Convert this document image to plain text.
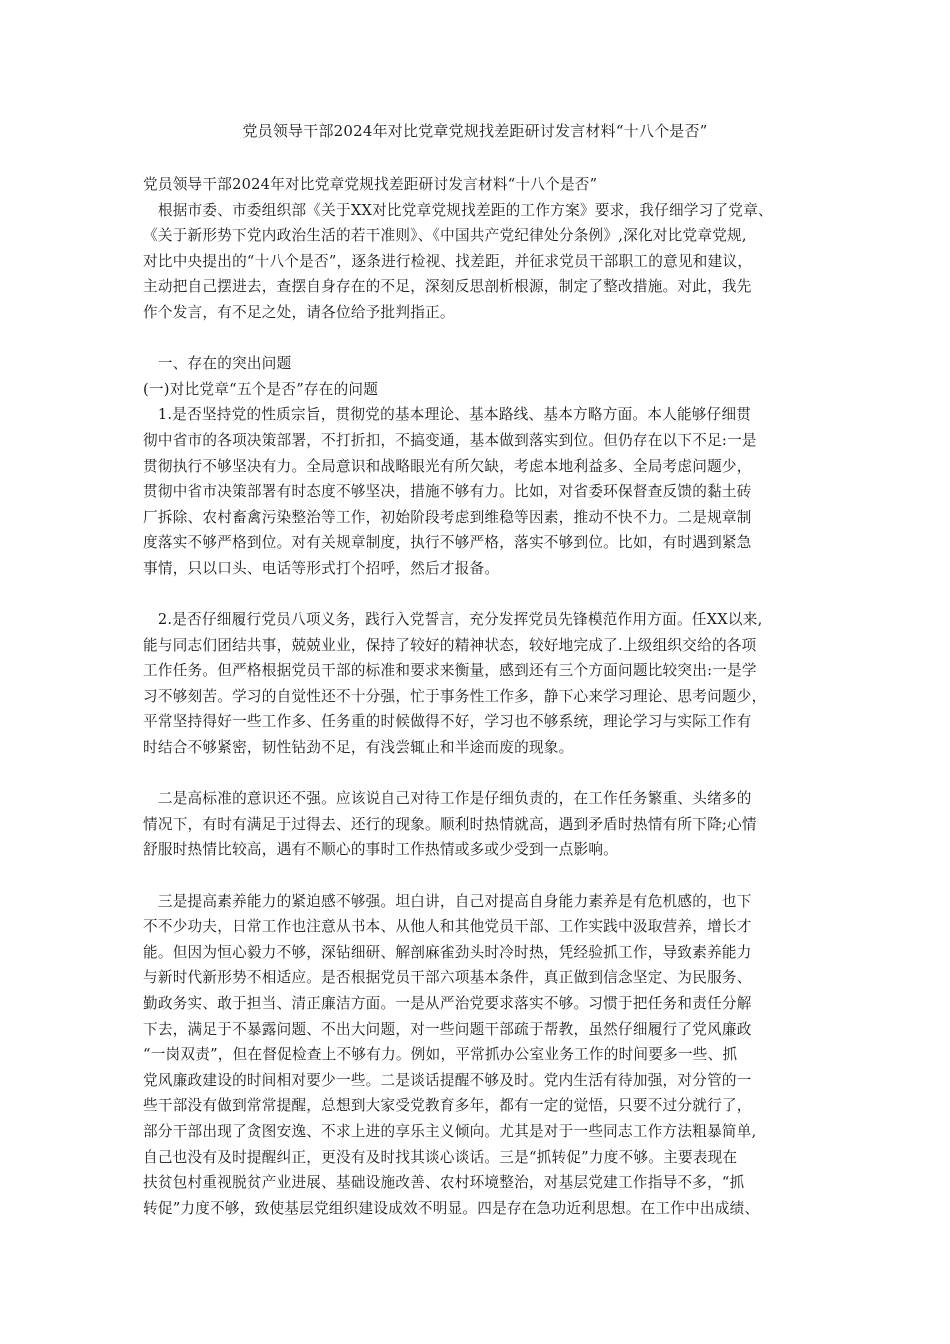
党员领导干部2024年对比党章党规找差距研讨发言材料“十八个是否”
党员领导干部2024年对比党章党规找差距研讨发言材料“十八个是否”
　根据市委、市委组织部《关于XX对比党章党规找差距的工作方案》要求，我仔细学习了党章、
《关于新形势下党内政治生活的若干准则》、《中国共产党纪律处分条例》,深化对比党章党规,
对比中央提出的“十八个是否”，逐条进行检视、找差距，并征求党员干部职工的意见和建议，
主动把自己摆进去，查摆自身存在的不足，深刻反思剖析根源，制定了整改措施。对此，我先
作个发言，有不足之处，请各位给予批判指正。
　一、存在的突出问题
(一)对比党章“五个是否”存在的问题
　1.是否坚持党的性质宗旨，贯彻党的基本理论、基本路线、基本方略方面。本人能够仔细贯
彻中省市的各项决策部署，不打折扣，不搞变通，基本做到落实到位。但仍存在以下不足:一是
贯彻执行不够坚决有力。全局意识和战略眼光有所欠缺，考虑本地利益多、全局考虑问题少，
贯彻中省市决策部署有时态度不够坚决，措施不够有力。比如，对省委环保督查反馈的黏土砖
厂拆除、农村畜禽污染整治等工作，初始阶段考虑到维稳等因素，推动不快不力。二是规章制
度落实不够严格到位。对有关规章制度，执行不够严格，落实不够到位。比如，有时遇到紧急
事情，只以口头、电话等形式打个招呼，然后才报备。
　2.是否仔细履行党员八项义务，践行入党誓言，充分发挥党员先锋模范作用方面。任XX以来,
能与同志们团结共事，兢兢业业，保持了较好的精神状态，较好地完成了.上级组织交给的各项
工作任务。但严格根据党员干部的标准和要求来衡量，感到还有三个方面问题比较突出:一是学
习不够刻苦。学习的自觉性还不十分强，忙于事务性工作多，静下心来学习理论、思考问题少，
平常坚持得好一些工作多、任务重的时候做得不好，学习也不够系统，理论学习与实际工作有
时结合不够紧密，韧性钻劲不足，有浅尝辄止和半途而废的现象。
　二是高标准的意识还不强。应该说自己对待工作是仔细负责的，在工作任务繁重、头绪多的
情况下，有时有满足于过得去、还行的现象。顺利时热情就高，遇到矛盾时热情有所下降;心情
舒服时热情比较高，遇有不顺心的事时工作热情或多或少受到一点影响。
　三是提高素养能力的紧迫感不够强。坦白讲，自己对提高自身能力素养是有危机感的，也下
不不少功夫，日常工作也注意从书本、从他人和其他党员干部、工作实践中汲取营养，增长才
能。但因为恒心毅力不够，深钻细研、解剖麻雀劲头时冷时热，凭经验抓工作，导致素养能力
与新时代新形势不相适应。是否根据党员干部六项基本条件，真正做到信念坚定、为民服务、
勤政务实、敢于担当、清正廉洁方面。一是从严治党要求落实不够。习惯于把任务和责任分解
下去，满足于不暴露问题、不出大问题，对一些问题干部疏于帮教，虽然仔细履行了党风廉政
“一岗双责”，但在督促检查上不够有力。例如，平常抓办公室业务工作的时间要多一些、抓
党风廉政建设的时间相对要少一些。二是谈话提醒不够及时。党内生活有待加强，对分管的一
些干部没有做到常常提醒，总想到大家受党教育多年，都有一定的觉悟，只要不过分就行了，
部分干部出现了贪图安逸、不求上进的享乐主义倾向。尤其是对于一些同志工作方法粗暴简单,
自己也没有及时提醒纠正，更没有及时找其谈心谈话。三是“抓转促”力度不够。主要表现在
扶贫包村重视脱贫产业进展、基础设施改善、农村环境整治，对基层党建工作指导不多，“抓
转促”力度不够，致使基层党组织建设成效不明显。四是存在急功近利思想。在工作中出成绩、
